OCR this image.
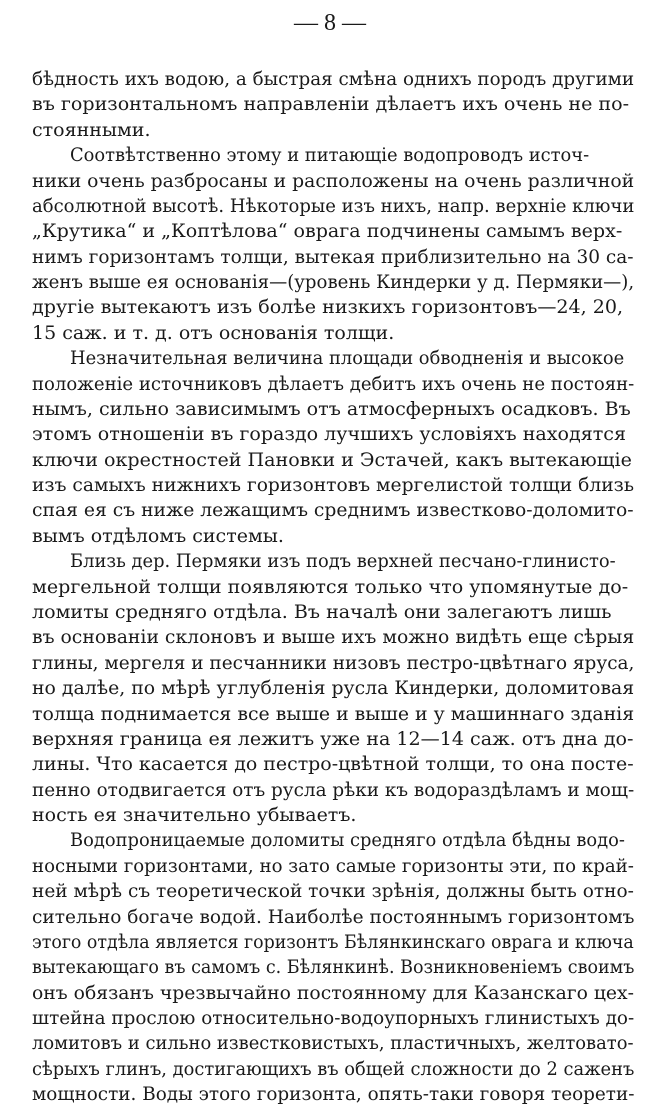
— 8 —
бѣдность ихъ водою, а быстрая смѣна однихъ породъ другими
въ горизонтальномъ направленiи дѣлаетъ ихъ очень не по-
стоянными.
Соотвѣтственно этому и питающiе водопроводъ источ-
ники очень разбросаны и расположены на очень различной
абсолютной высотѣ. Нѣкоторые изъ нихъ, напр. верхнiе ключи
„Крутика“ и „Коптѣлова“ оврага подчинены самымъ верх-
нимъ горизонтамъ толщи, вытекая приблизительно на 30 са-
женъ выше ея основанiя—(уровень Киндерки у д. Пермяки—),
другiе вытекаютъ изъ болѣе низкихъ горизонтовъ—24, 20,
15 саж. и т. д. отъ основанiя толщи.
Незначительная величина площади обводненiя и высокое
положенiе источниковъ дѣлаетъ дебитъ ихъ очень не постоян-
нымъ, сильно зависимымъ отъ атмосферныхъ осадковъ. Въ
этомъ отношенiи въ гораздо лучшихъ условiяхъ находятся
ключи окрестностей Пановки и Эстачей, какъ вытекающiе
изъ самыхъ нижнихъ горизонтовъ мергелистой толщи близь
спая ея съ ниже лежащимъ среднимъ известково-доломито-
вымъ отдѣломъ системы.
Близь дер. Пермяки изъ подъ верхней песчано-глинисто-
мергельной толщи появляются только что упомянутые до-
ломиты средняго отдѣла. Въ началѣ они залегаютъ лишь
въ основанiи склоновъ и выше ихъ можно видѣть еще сѣрыя
глины, мергеля и песчанники низовъ пестро-цвѣтнаго яруса,
но далѣе, по мѣрѣ углубленiя русла Киндерки, доломитовая
толща поднимается все выше и выше и у машиннаго зданiя
верхняя граница ея лежитъ уже на 12—14 саж. отъ дна до-
лины. Что касается до пестро-цвѣтной толщи, то она посте-
пенно отодвигается отъ русла рѣки къ водораздѣламъ и мощ-
ность ея значительно убываетъ.
Водопроницаемые доломиты средняго отдѣла бѣдны водо-
носными горизонтами, но зато самые горизонты эти, по край-
ней мѣрѣ съ теоретической точки зрѣнiя, должны быть отно-
сительно богаче водой. Наиболѣе постояннымъ горизонтомъ
этого отдѣла является горизонтъ Бѣлянкинскаго оврага и ключа
вытекающаго въ самомъ с. Бѣлянкинѣ. Возникновенiемъ своимъ
онъ обязанъ чрезвычайно постоянному для Казанскаго цех-
штейна прослою относительно-водоупорныхъ глинистыхъ до-
ломитовъ и сильно известковистыхъ, пластичныхъ, желтовато-
сѣрыхъ глинъ, достигающихъ въ общей сложности до 2 саженъ
мощности. Воды этого горизонта, опять-таки говоря теорети-
